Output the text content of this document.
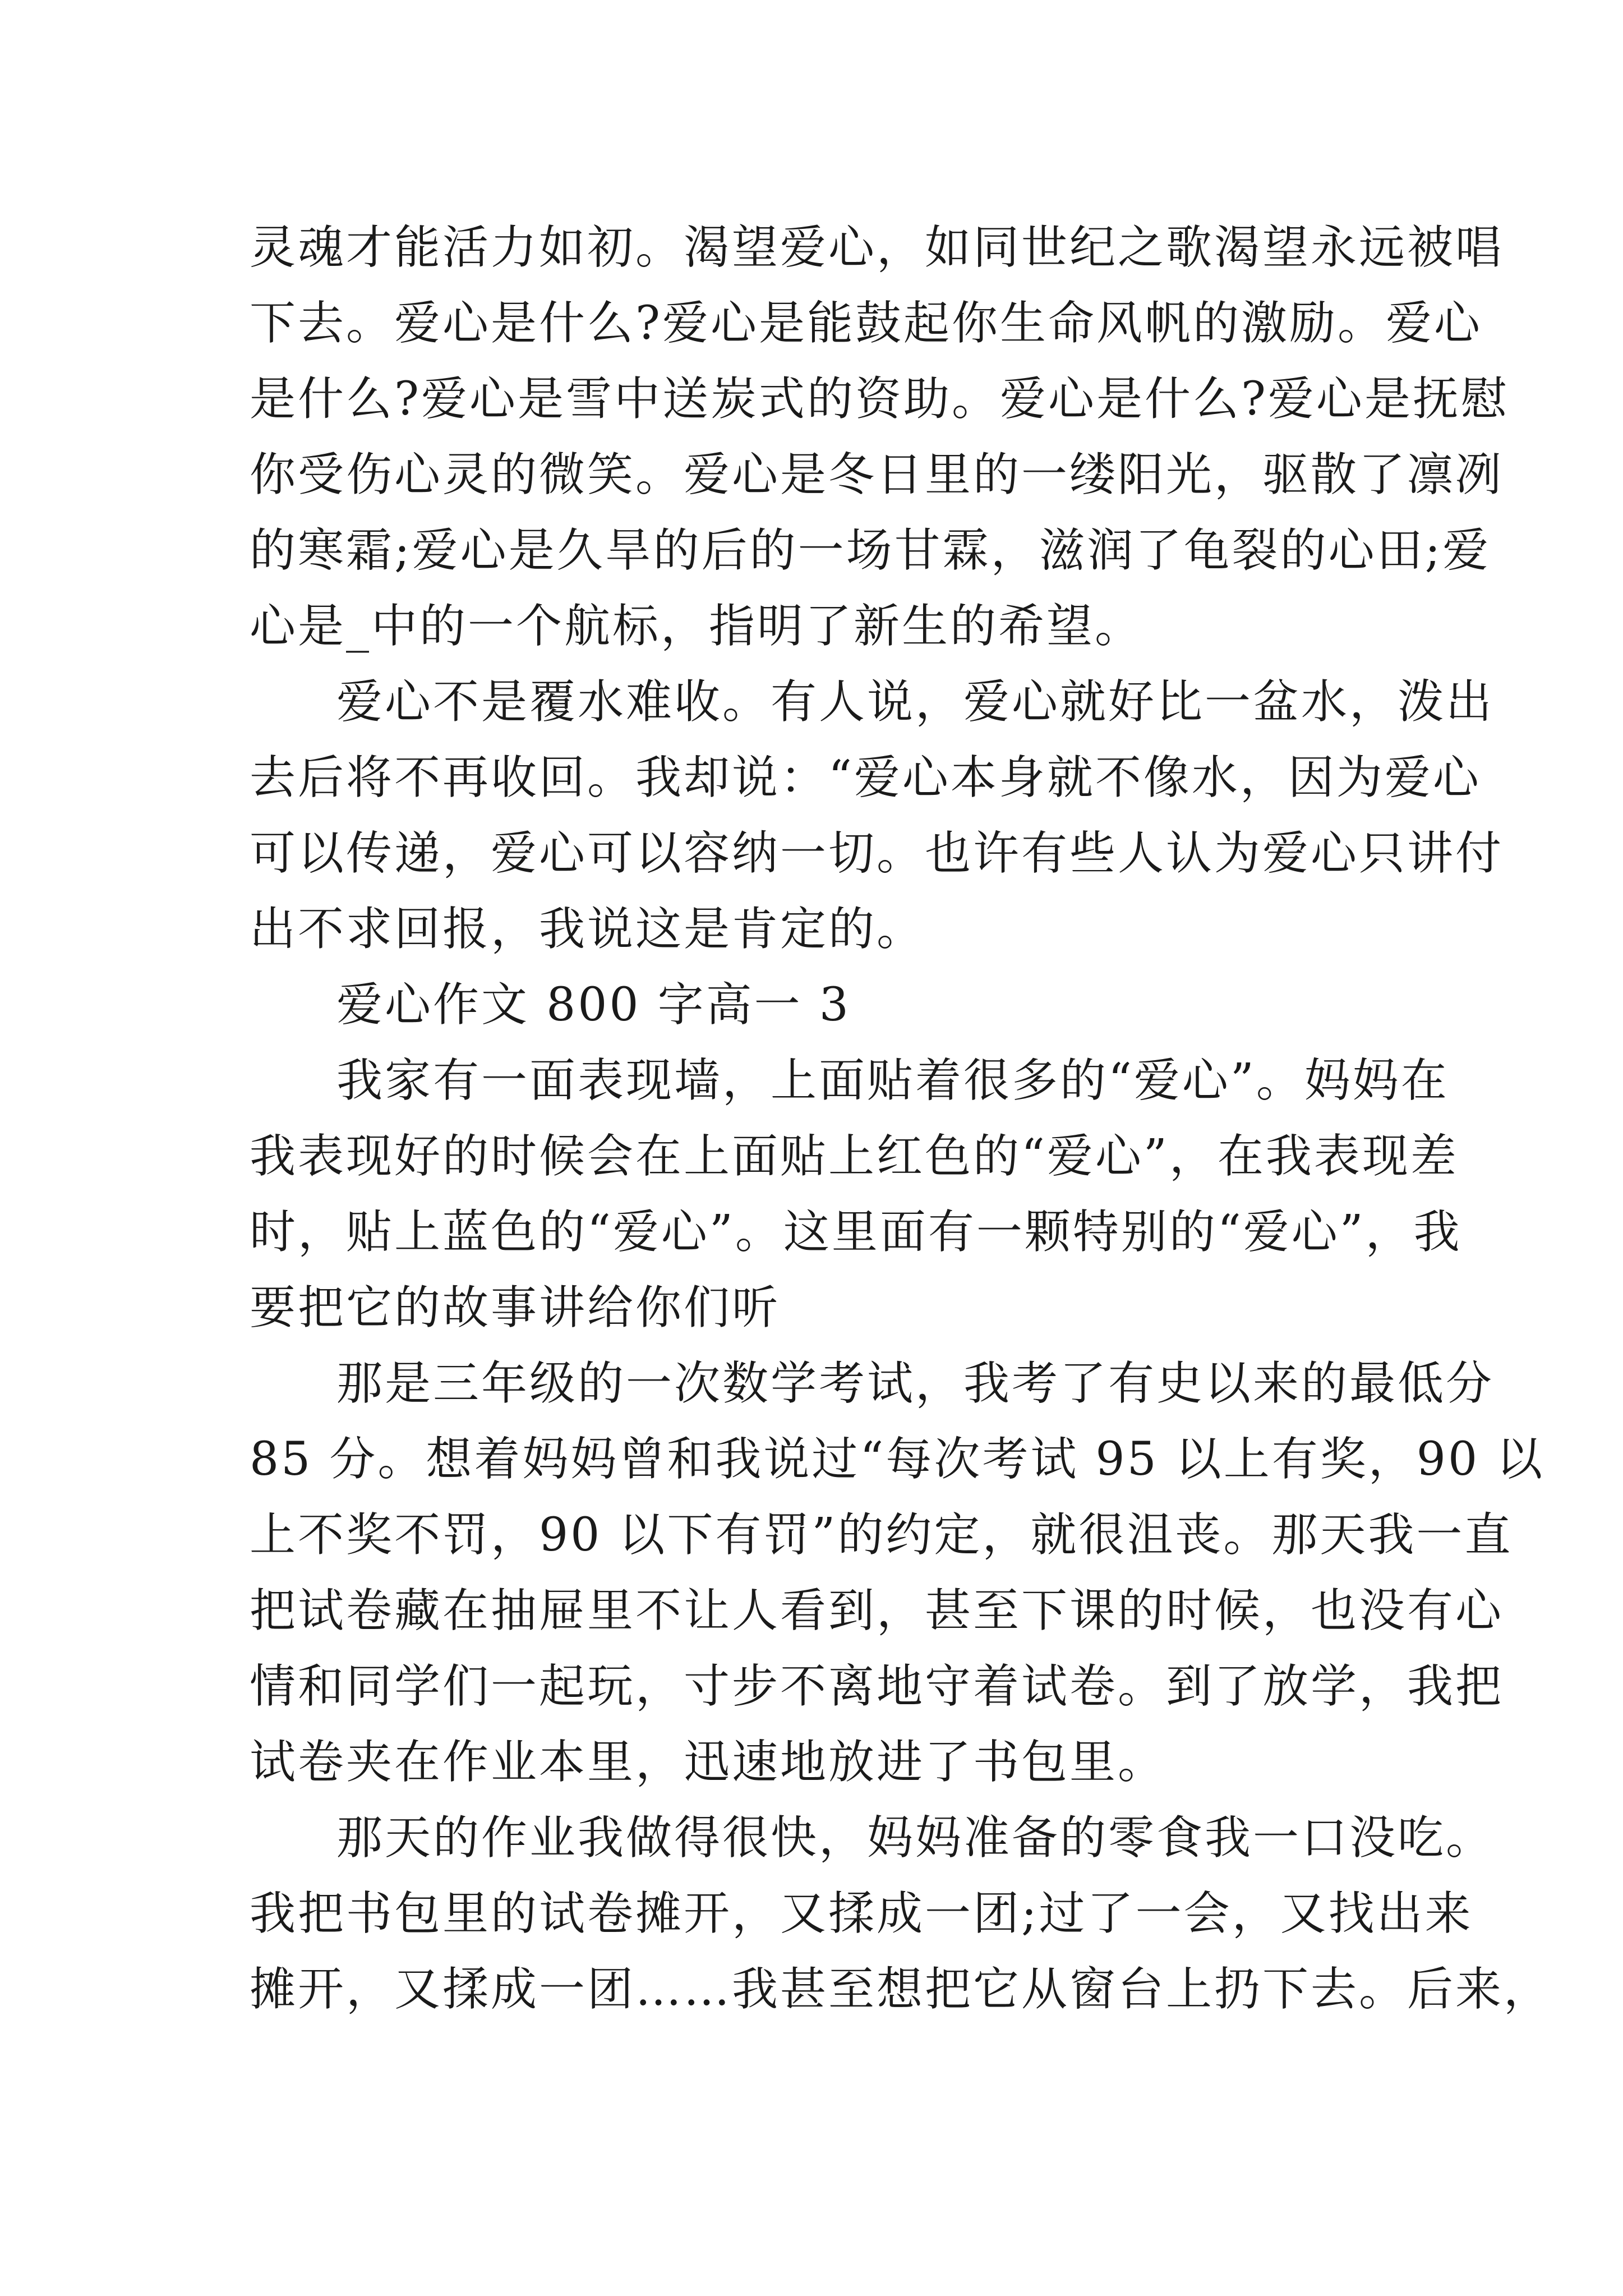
灵魂才能活力如初。渴望爱心，如同世纪之歌渴望永远被唱
下去。爱心是什么?爱心是能鼓起你生命风帆的激励。爱心
是什么?爱心是雪中送炭式的资助。爱心是什么?爱心是抚慰
你受伤心灵的微笑。爱心是冬日里的一缕阳光，驱散了凛冽
的寒霜;爱心是久旱的后的一场甘霖，滋润了龟裂的心田;爱
心是_中的一个航标，指明了新生的希望。
爱心不是覆水难收。有人说，爱心就好比一盆水，泼出
去后将不再收回。我却说：“爱心本身就不像水，因为爱心
可以传递，爱心可以容纳一切。也许有些人认为爱心只讲付
出不求回报，我说这是肯定的。
爱心作文 800 字高一 3
我家有一面表现墙，上面贴着很多的“爱心”。妈妈在
我表现好的时候会在上面贴上红色的“爱心”，在我表现差
时，贴上蓝色的“爱心”。这里面有一颗特别的“爱心”，我
要把它的故事讲给你们听
那是三年级的一次数学考试，我考了有史以来的最低分
85 分。想着妈妈曾和我说过“每次考试 95 以上有奖，90 以
上不奖不罚，90 以下有罚”的约定，就很沮丧。那天我一直
把试卷藏在抽屉里不让人看到，甚至下课的时候，也没有心
情和同学们一起玩，寸步不离地守着试卷。到了放学，我把
试卷夹在作业本里，迅速地放进了书包里。
那天的作业我做得很快，妈妈准备的零食我一口没吃。
我把书包里的试卷摊开，又揉成一团;过了一会，又找出来
摊开，又揉成一团……我甚至想把它从窗台上扔下去。后来，
